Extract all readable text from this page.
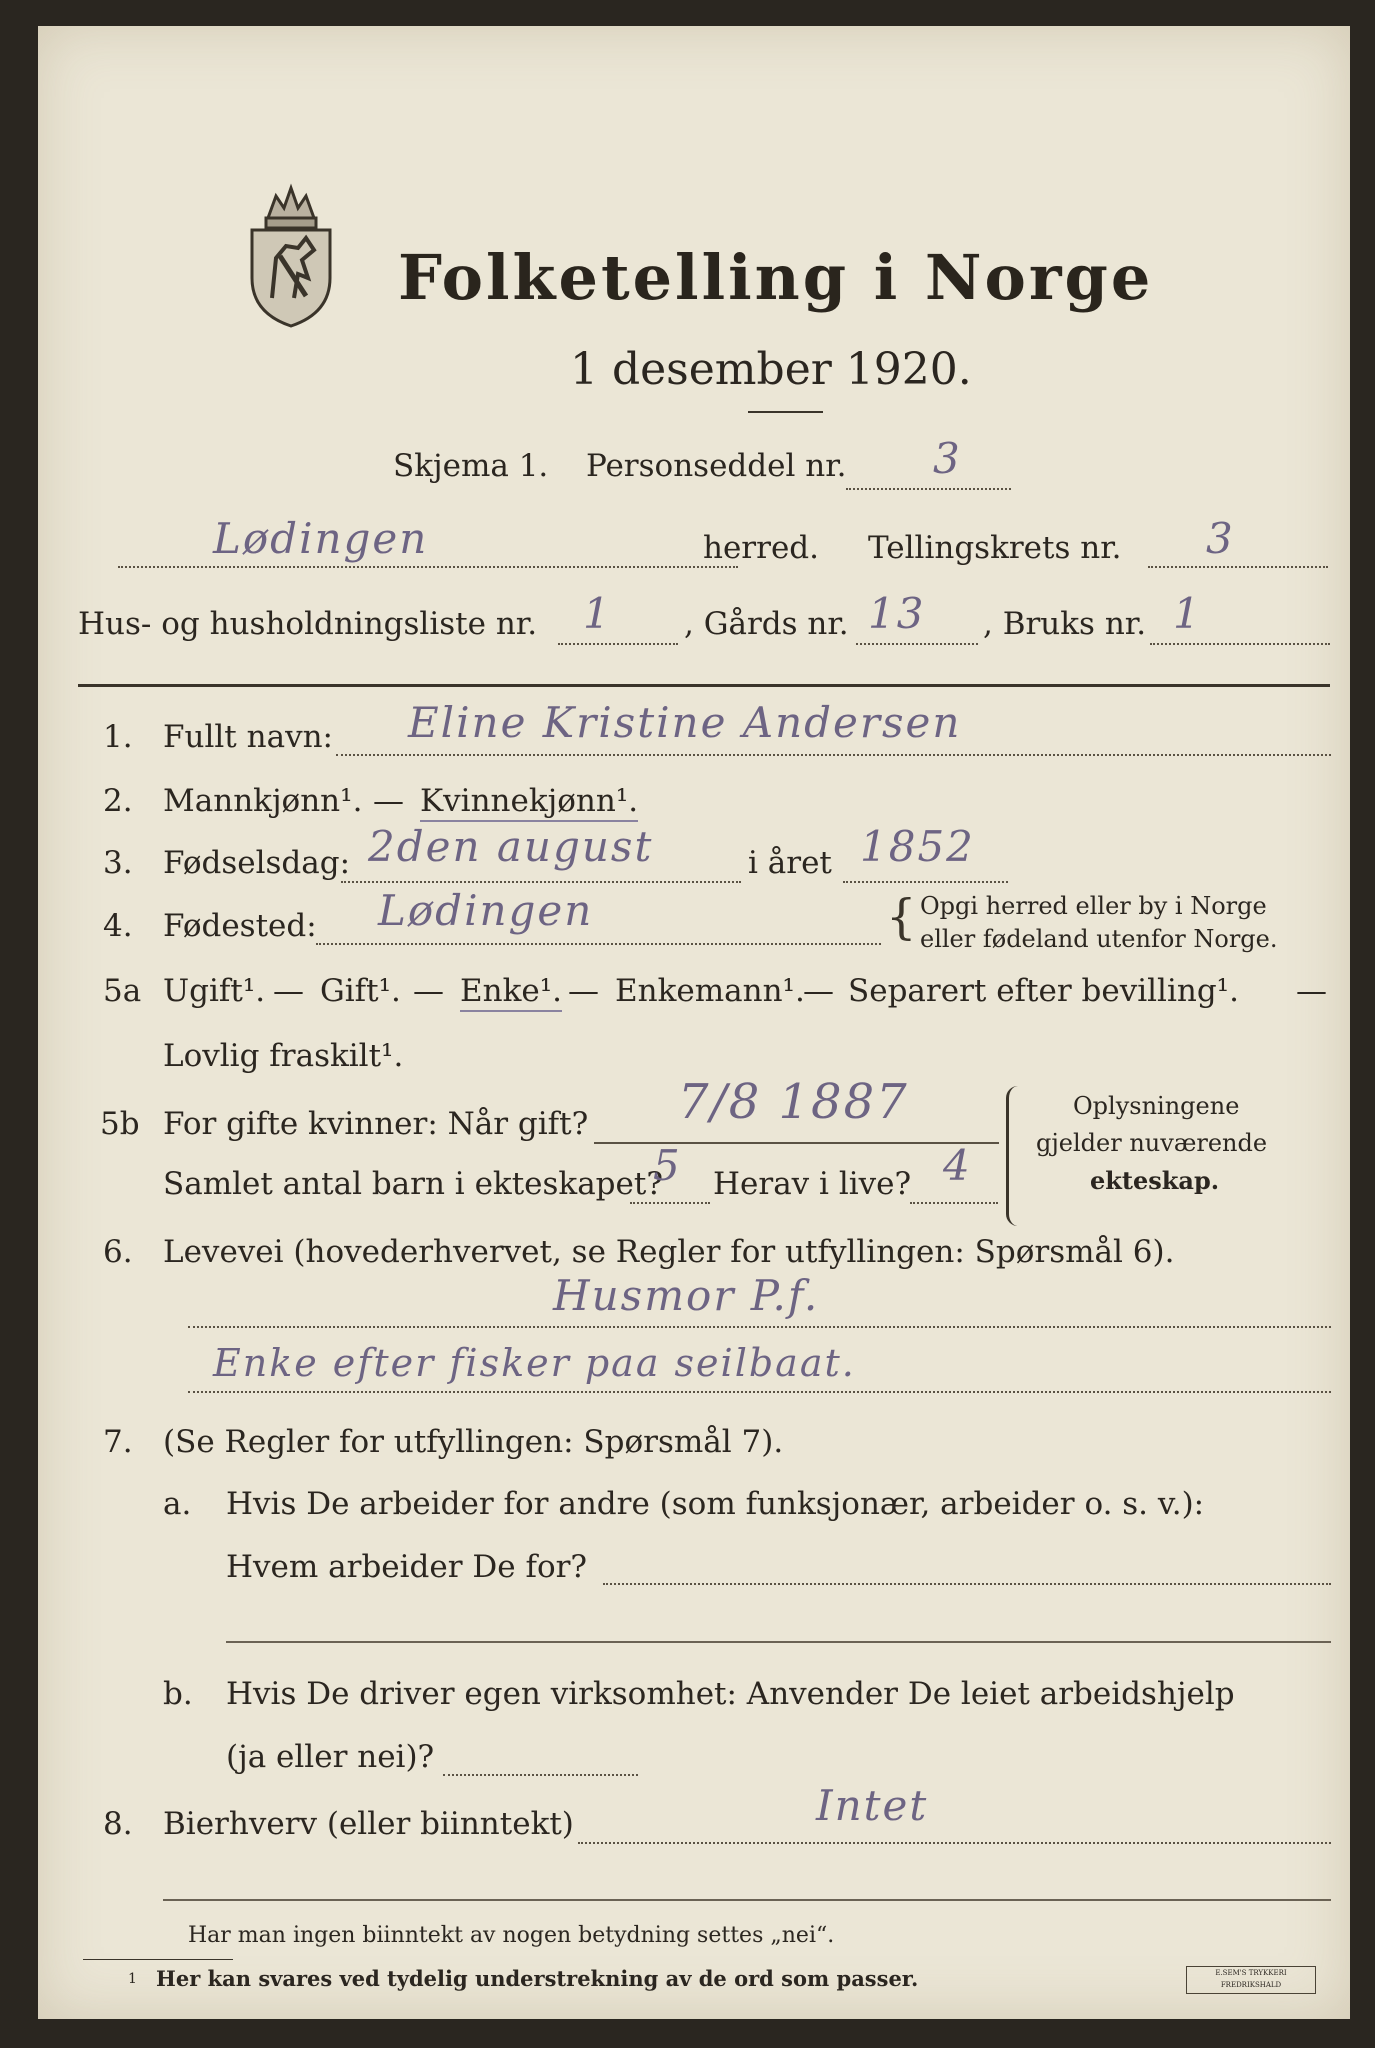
Folketelling i Norge
1 desember 1920.
Skjema 1. Personseddel nr. 3
Lødingen	herred. Tellingskrets nr. 3
Hus- og husholdningsliste nr. 1 , Gårds nr. 13 , Bruks nr. 1
1. Fullt navn: Eline Kristine Andersen
2. Mannkjønn¹. — Kvinnekjønn¹.
3. Fødselsdag: 2den august	i året 1852
4. Fødested: Lødingen	{ Opgi herred eller by i Norge
eller fødeland utenfor Norge.
5a Ugift¹. — Gift¹. — Enke¹. — Enkemann¹.
— Separert efter bevilling¹. —
Lovlig fraskilt¹.
5b For gifte kvinner: Når gift? 7/8 1887
Samlet antal barn i ekteskapet?
5 Herav i live? 4
Oplysningene
gjelder nuværende
ekteskap.
6. Levevei (hovederhvervet, se Regler for utfyllingen: Spørsmål 6).
Husmor P.f.
Enke efter fisker paa seilbaat.
7. (Se Regler for utfyllingen: Spørsmål 7).
a. Hvis De arbeider for andre (som funksjonær, arbeider o. s. v.):
Hvem arbeider De for?
b. Hvis De driver egen virksomhet: Anvender De leiet arbeidshjelp
(ja eller nei)?
8. Bierhverv (eller biinntekt)	Intet
Har man ingen biinntekt av nogen betydning settes „nei“.
1 Her kan svares ved tydelig understrekning av de ord som passer.	E.SEM'S TRYKKERI
FREDRIKSHALD
